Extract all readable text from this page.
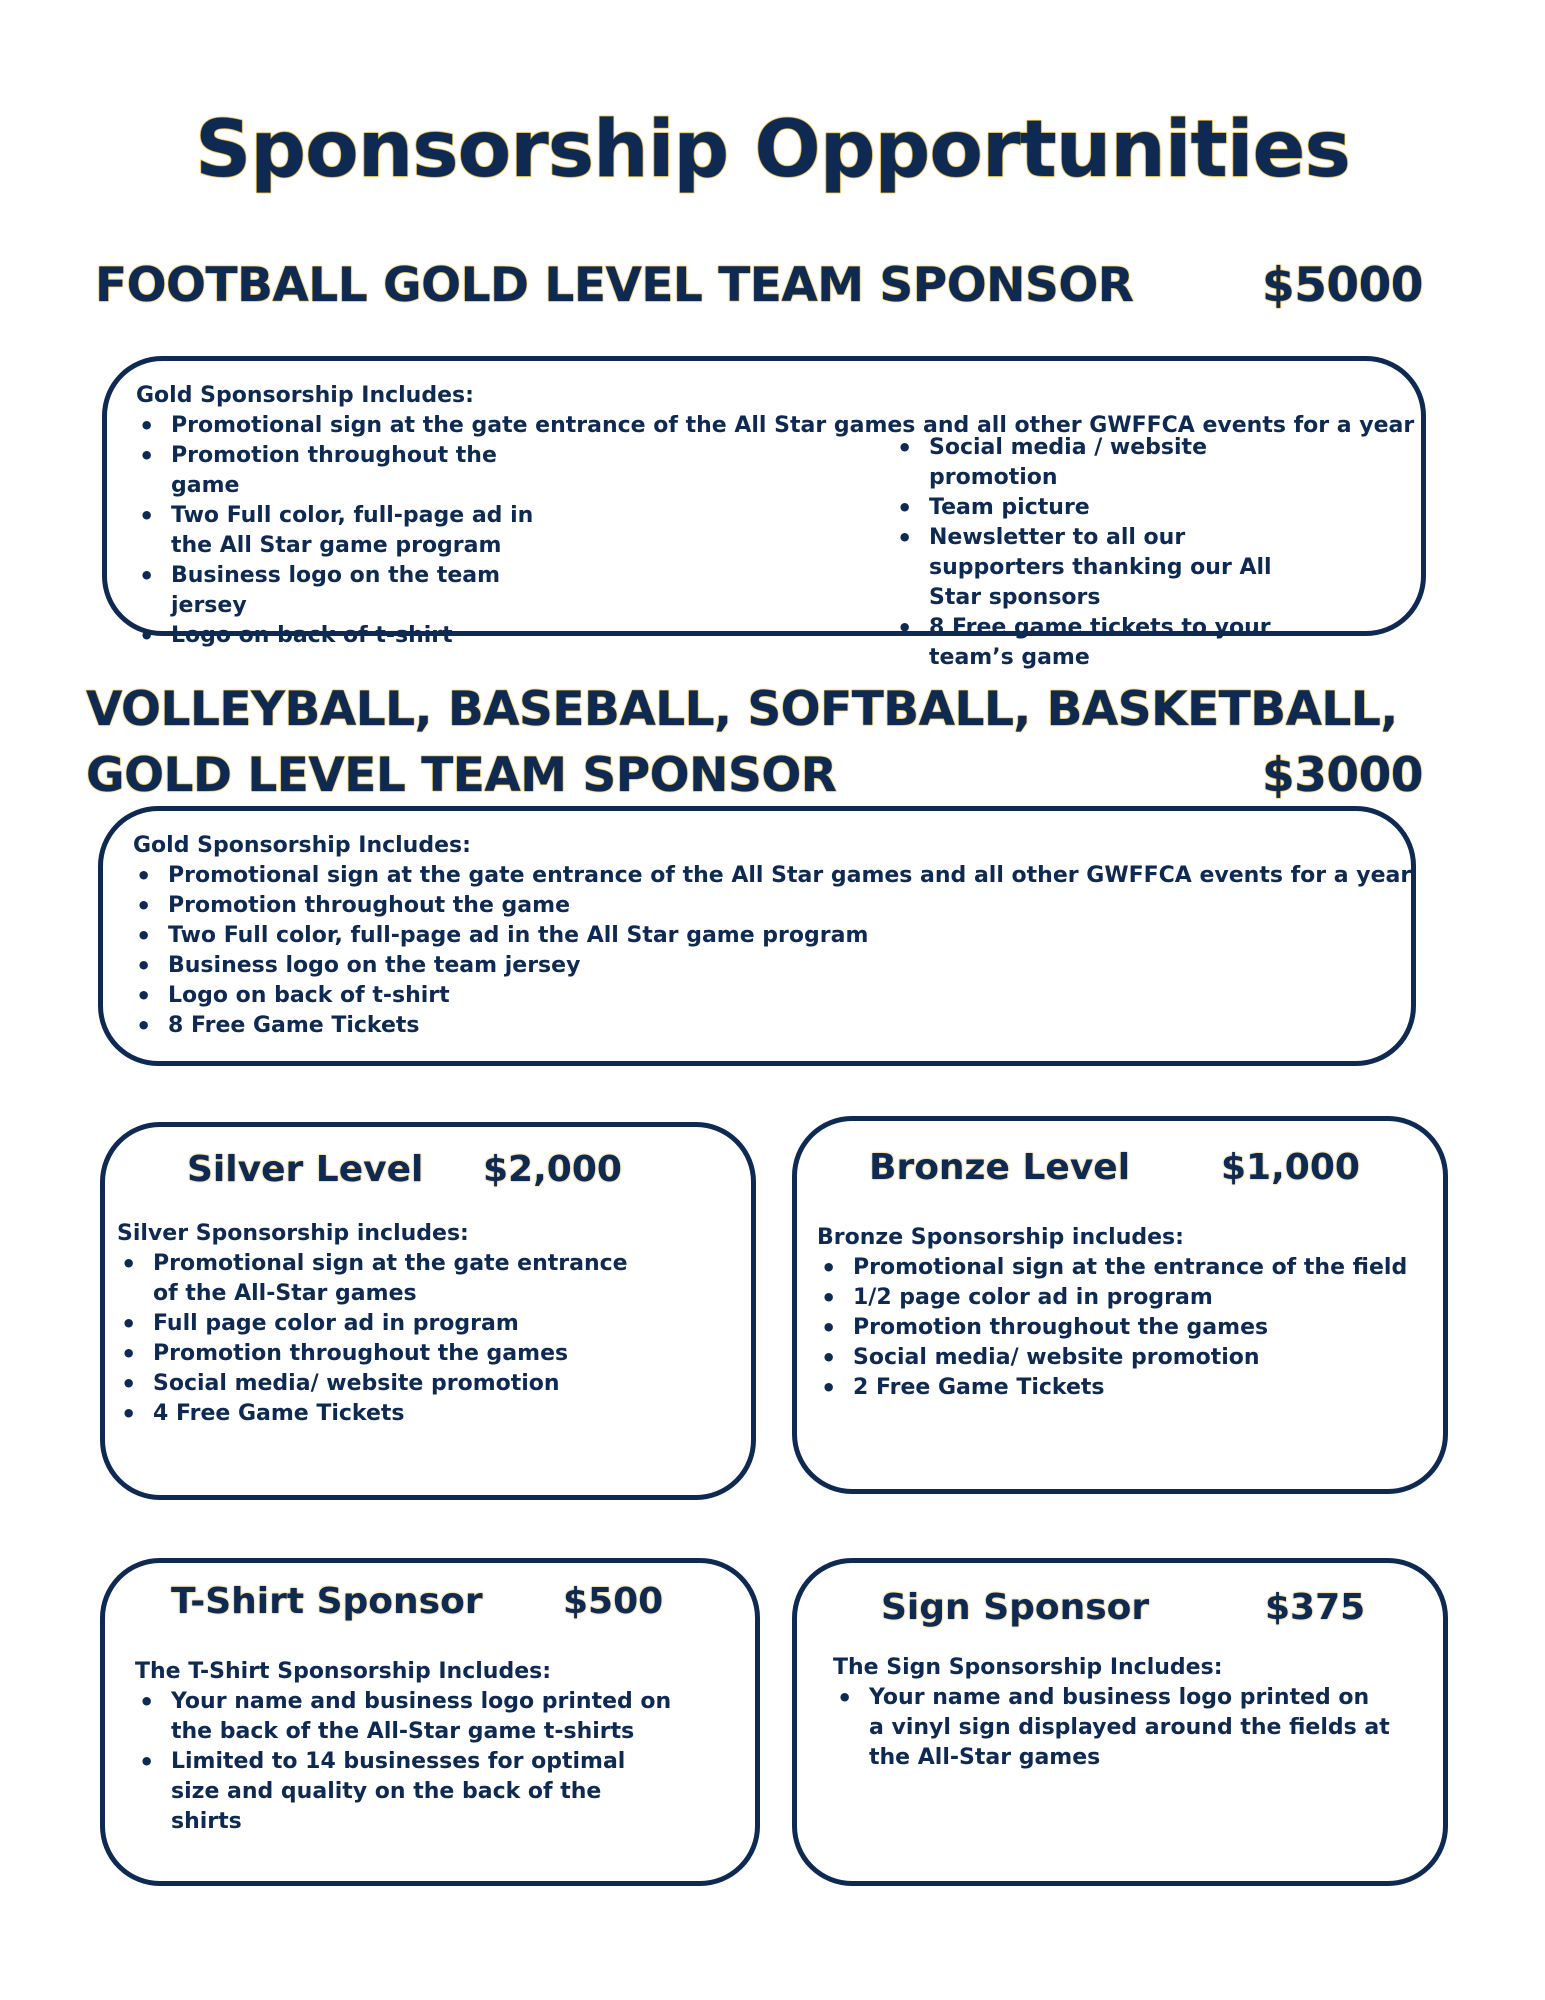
Sponsorship Opportunities
FOOTBALL GOLD LEVEL TEAM SPONSOR	$5000
Gold Sponsorship Includes:
• Promotional sign at the gate entrance of the All Star games and all other GWFFCA events for a year
• Promotion throughout the game
• Two Full color, full-page ad in the All Star game program
• Business logo on the team jersey
• Logo on back of t-shirt
• Social media / website promotion
• Team picture
• Newsletter to all our supporters thanking our All Star sponsors
• 8 Free game tickets to your team’s game
VOLLEYBALL, BASEBALL, SOFTBALL, BASKETBALL,
GOLD LEVEL TEAM SPONSOR	$3000
Gold Sponsorship Includes:
• Promotional sign at the gate entrance of the All Star games and all other GWFFCA events for a year
• Promotion throughout the game
• Two Full color, full-page ad in the All Star game program
• Business logo on the team jersey
• Logo on back of t-shirt
• 8 Free Game Tickets
Silver Level $2,000
Silver Sponsorship includes:
• Promotional sign at the gate entrance of the All-Star games
• Full page color ad in program
• Promotion throughout the games
• Social media/ website promotion
• 4 Free Game Tickets
Bronze Level	$1,000
Bronze Sponsorship includes:
• Promotional sign at the entrance of the field
• 1/2 page color ad in program
• Promotion throughout the games
• Social media/ website promotion
• 2 Free Game Tickets
T-Shirt Sponsor $500
The T-Shirt Sponsorship Includes:
• Your name and business logo printed on the back of the All-Star game t-shirts
• Limited to 14 businesses for optimal size and quality on the back of the shirts
Sign Sponsor	$375
The Sign Sponsorship Includes:
• Your name and business logo printed on a vinyl sign displayed around the fields at the All-Star games
